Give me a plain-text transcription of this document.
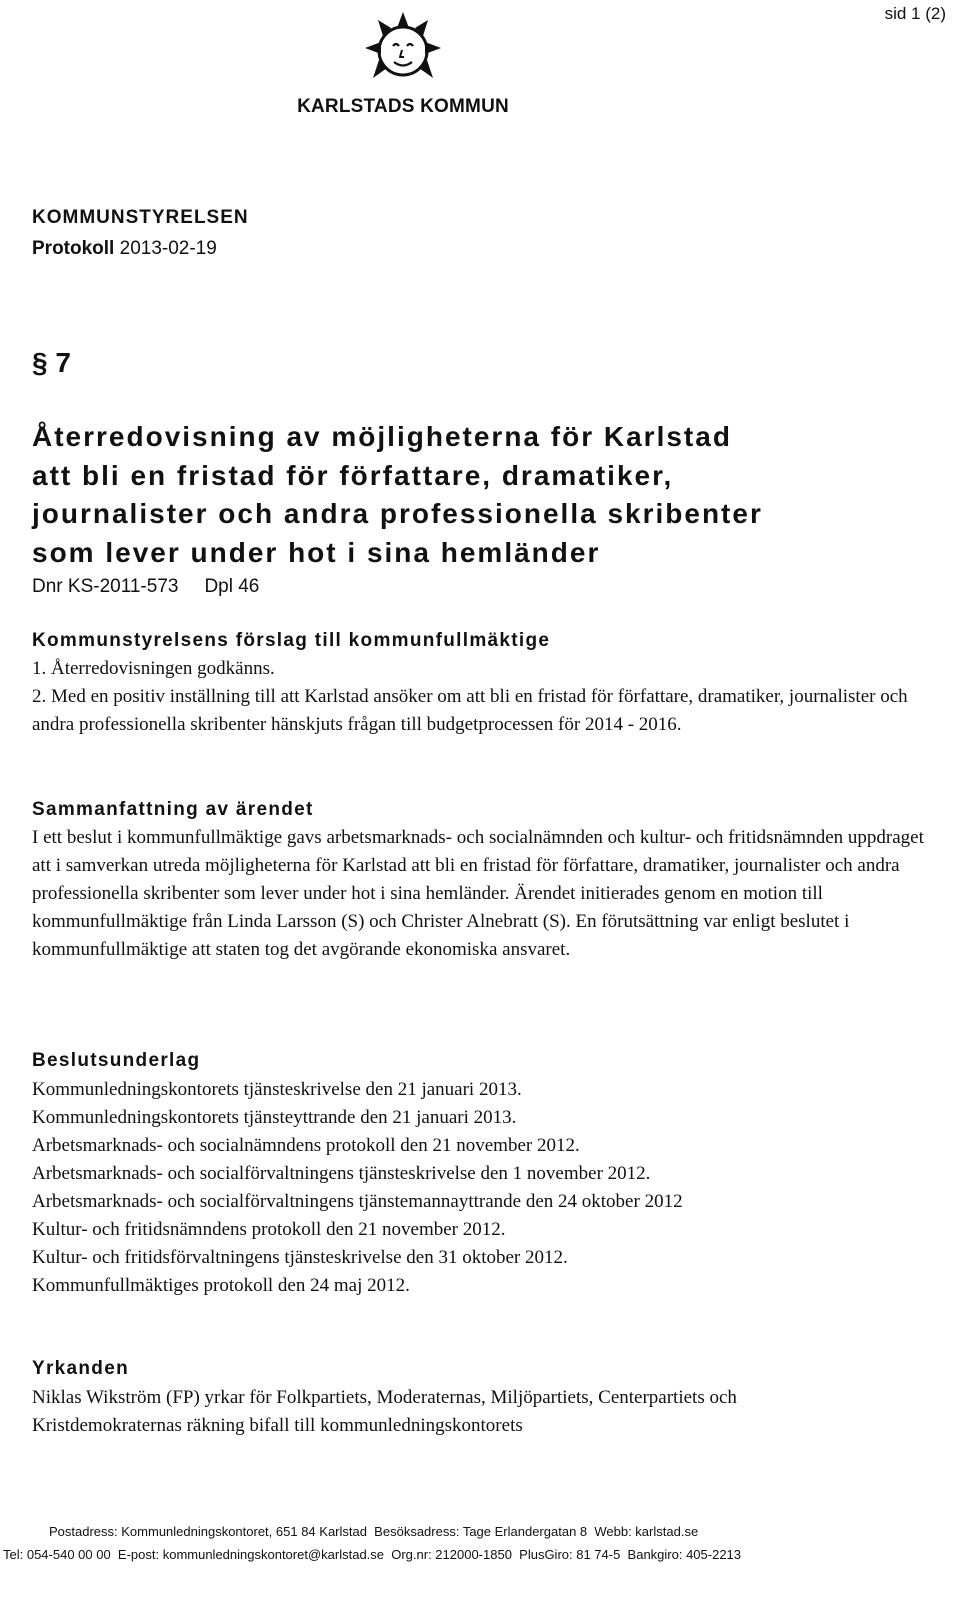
sid 1 (2)
KARLSTADS KOMMUN
KOMMUNSTYRELSEN
Protokoll 2013-02-19
§ 7
Återredovisning av möjligheterna för Karlstad
att bli en fristad för författare, dramatiker,
journalister och andra professionella skribenter
som lever under hot i sina hemländer
Dnr KS-2011-573 Dpl 46
Kommunstyrelsens förslag till kommunfullmäktige

1. Återredovisningen godkänns.

2. Med en positiv inställning till att Karlstad ansöker om att bli en fristad för författare, dramatiker, journalister och andra professionella skribenter hänskjuts frågan till budgetprocessen för 2014 - 2016.

Sammanfattning av ärendet

I ett beslut i kommunfullmäktige gavs arbetsmarknads- och socialnämnden och kultur- och fritidsnämnden uppdraget att i samverkan utreda möjligheterna för Karlstad att bli en fristad för författare, dramatiker, journalister och andra professionella skribenter som lever under hot i sina hemländer. Ärendet initierades genom en motion till kommunfullmäktige från Linda Larsson (S) och Christer Alnebratt (S). En förutsättning var enligt beslutet i kommunfullmäktige att staten tog det avgörande ekonomiska ansvaret.

Beslutsunderlag
Kommunledningskontorets tjänsteskrivelse den 21 januari 2013.
Kommunledningskontorets tjänsteyttrande den 21 januari 2013.
Arbetsmarknads- och socialnämndens protokoll den 21 november 2012.
Arbetsmarknads- och socialförvaltningens tjänsteskrivelse den 1 november 2012.
Arbetsmarknads- och socialförvaltningens tjänstemannayttrande den 24 oktober 2012
Kultur- och fritidsnämndens protokoll den 21 november 2012.
Kultur- och fritidsförvaltningens tjänsteskrivelse den 31 oktober 2012.
Kommunfullmäktiges protokoll den 24 maj 2012.
Yrkanden

Niklas Wikström (FP) yrkar för Folkpartiets, Moderaternas, Miljöpartiets, Centerpartiets och Kristdemokraternas räkning bifall till kommunledningskontorets

Postadress: Kommunledningskontoret, 651 84 Karlstad  Besöksadress: Tage Erlandergatan 8  Webb: karlstad.se
Tel: 054-540 00 00  E-post: kommunledningskontoret@karlstad.se  Org.nr: 212000-1850  PlusGiro: 81 74-5  Bankgiro: 405-2213
